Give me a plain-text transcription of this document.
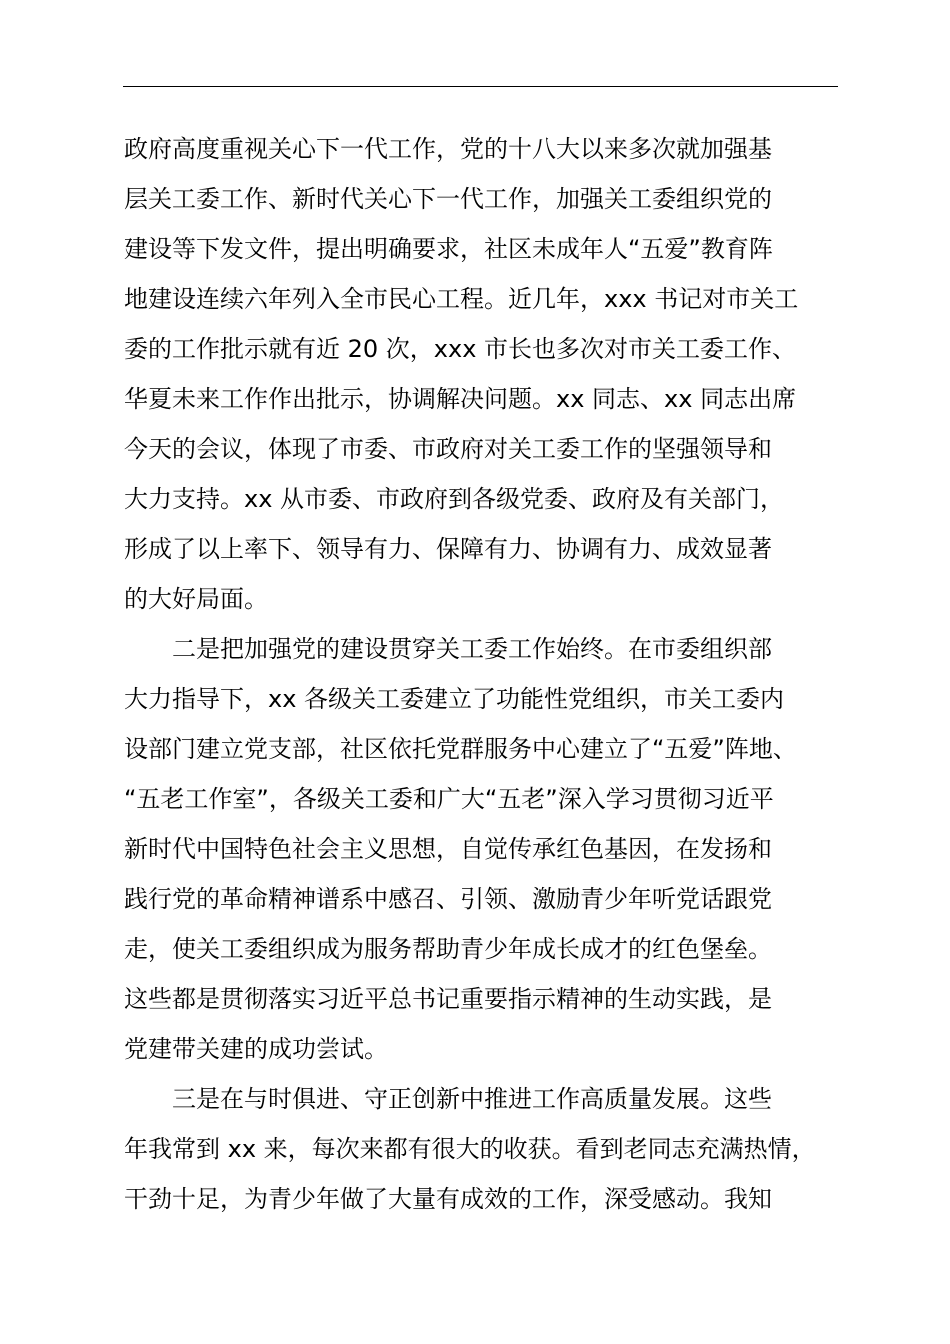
政府高度重视关心下一代工作，党的十八大以来多次就加强基
层关工委工作、新时代关心下一代工作，加强关工委组织党的
建设等下发文件，提出明确要求，社区未成年人“五爱”教育阵
地建设连续六年列入全市民心工程。近几年，xxx 书记对市关工
委的工作批示就有近 20 次，xxx 市长也多次对市关工委工作、
华夏未来工作作出批示，协调解决问题。xx 同志、xx 同志出席
今天的会议，体现了市委、市政府对关工委工作的坚强领导和
大力支持。xx 从市委、市政府到各级党委、政府及有关部门，
形成了以上率下、领导有力、保障有力、协调有力、成效显著
的大好局面。
二是把加强党的建设贯穿关工委工作始终。在市委组织部
大力指导下，xx 各级关工委建立了功能性党组织，市关工委内
设部门建立党支部，社区依托党群服务中心建立了“五爱”阵地、
“五老工作室”，各级关工委和广大“五老”深入学习贯彻习近平
新时代中国特色社会主义思想，自觉传承红色基因，在发扬和
践行党的革命精神谱系中感召、引领、激励青少年听党话跟党
走，使关工委组织成为服务帮助青少年成长成才的红色堡垒。
这些都是贯彻落实习近平总书记重要指示精神的生动实践，是
党建带关建的成功尝试。
三是在与时俱进、守正创新中推进工作高质量发展。这些
年我常到 xx 来，每次来都有很大的收获。看到老同志充满热情，
干劲十足，为青少年做了大量有成效的工作，深受感动。我知
